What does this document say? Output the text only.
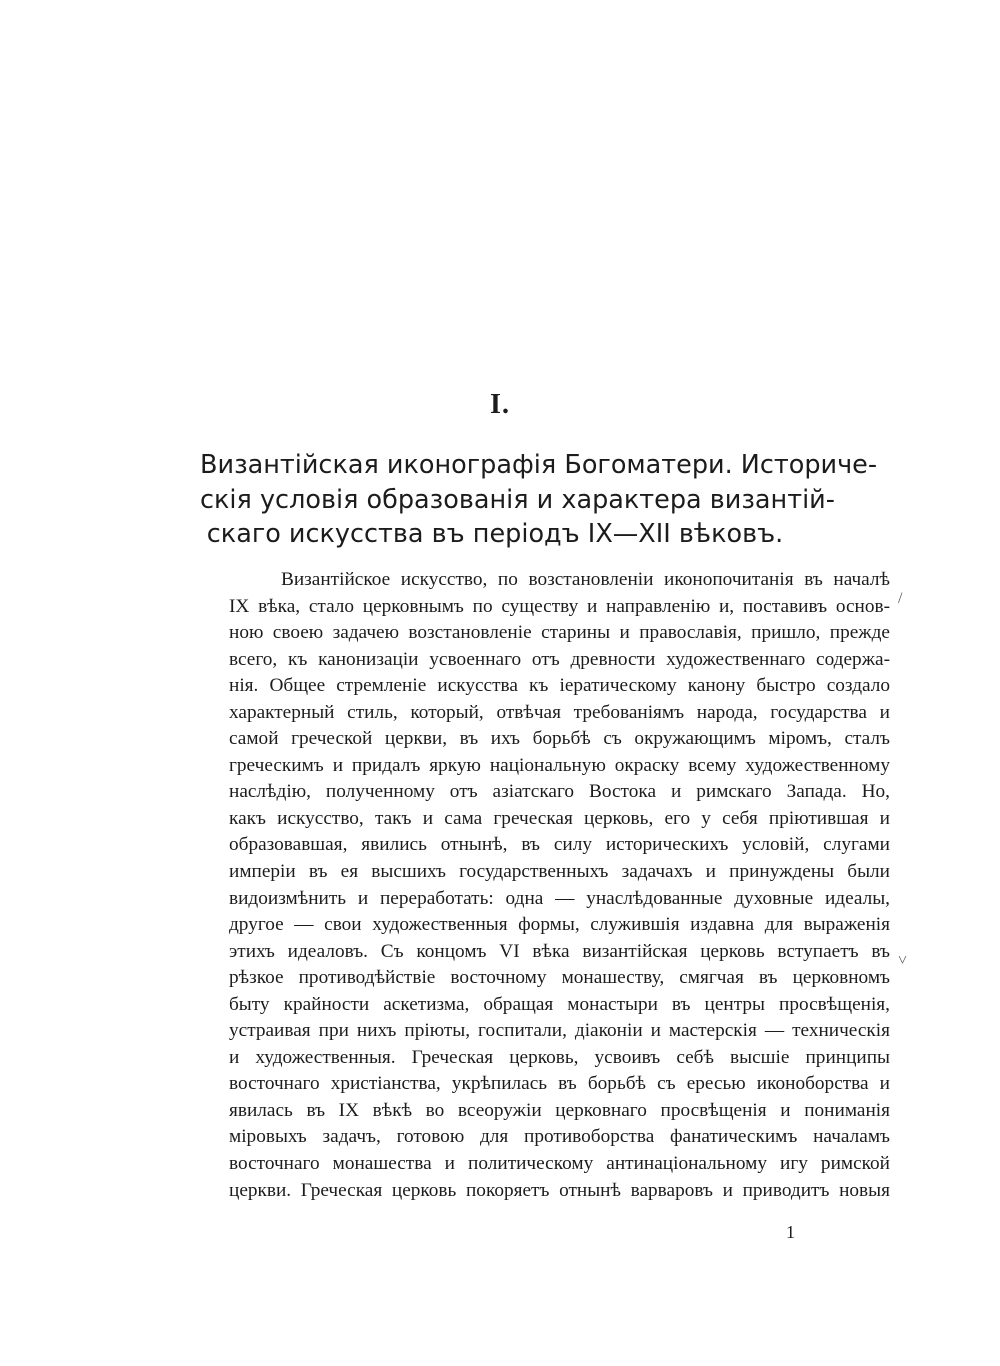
I.
Византійская иконографія Богоматери. Историче-
скія условія образованія и характера византій-
скаго искусства въ періодъ IX—XII вѣковъ.
Византійское искусство, по возстановленіи иконопочитанія въ началѣ
IX вѣка, стало церковнымъ по существу и направленію и, поставивъ основ-
ною своею задачею возстановленіе старины и православія, пришло, прежде
всего, къ канонизаціи усвоеннаго отъ древности художественнаго содержа-
нія. Общее стремленіе искусства къ іератическому канону быстро создало
характерный стиль, который, отвѣчая требованіямъ народа, государства и
самой греческой церкви, въ ихъ борьбѣ съ окружающимъ міромъ, сталъ
греческимъ и придалъ яркую національную окраску всему художественному
наслѣдію, полученному отъ азіатскаго Востока и римскаго Запада. Но,
какъ искусство, такъ и сама греческая церковь, его у себя пріютившая и
образовавшая, явились отнынѣ, въ силу историческихъ условій, слугами
имперіи въ ея высшихъ государственныхъ задачахъ и принуждены были
видоизмѣнить и переработать: одна — унаслѣдованные духовные идеалы,
другое — свои художественныя формы, служившія издавна для выраженія
этихъ идеаловъ. Съ концомъ VI вѣка византійская церковь вступаетъ въ
рѣзкое противодѣйствіе восточному монашеству, смягчая въ церковномъ
быту крайности аскетизма, обращая монастыри въ центры просвѣщенія,
устраивая при нихъ пріюты, госпитали, діаконіи и мастерскія — техническія
и художественныя. Греческая церковь, усвоивъ себѣ высшіе принципы
восточнаго христіанства, укрѣпилась въ борьбѣ съ ересью иконоборства и
явилась въ IX вѣкѣ во всеоружіи церковнаго просвѣщенія и пониманія
міровыхъ задачъ, готовою для противоборства фанатическимъ началамъ
восточнаго монашества и политическому антинаціональному игу римской
церкви. Греческая церковь покоряетъ отнынѣ варваровъ и приводитъ новыя
1
/
˅
